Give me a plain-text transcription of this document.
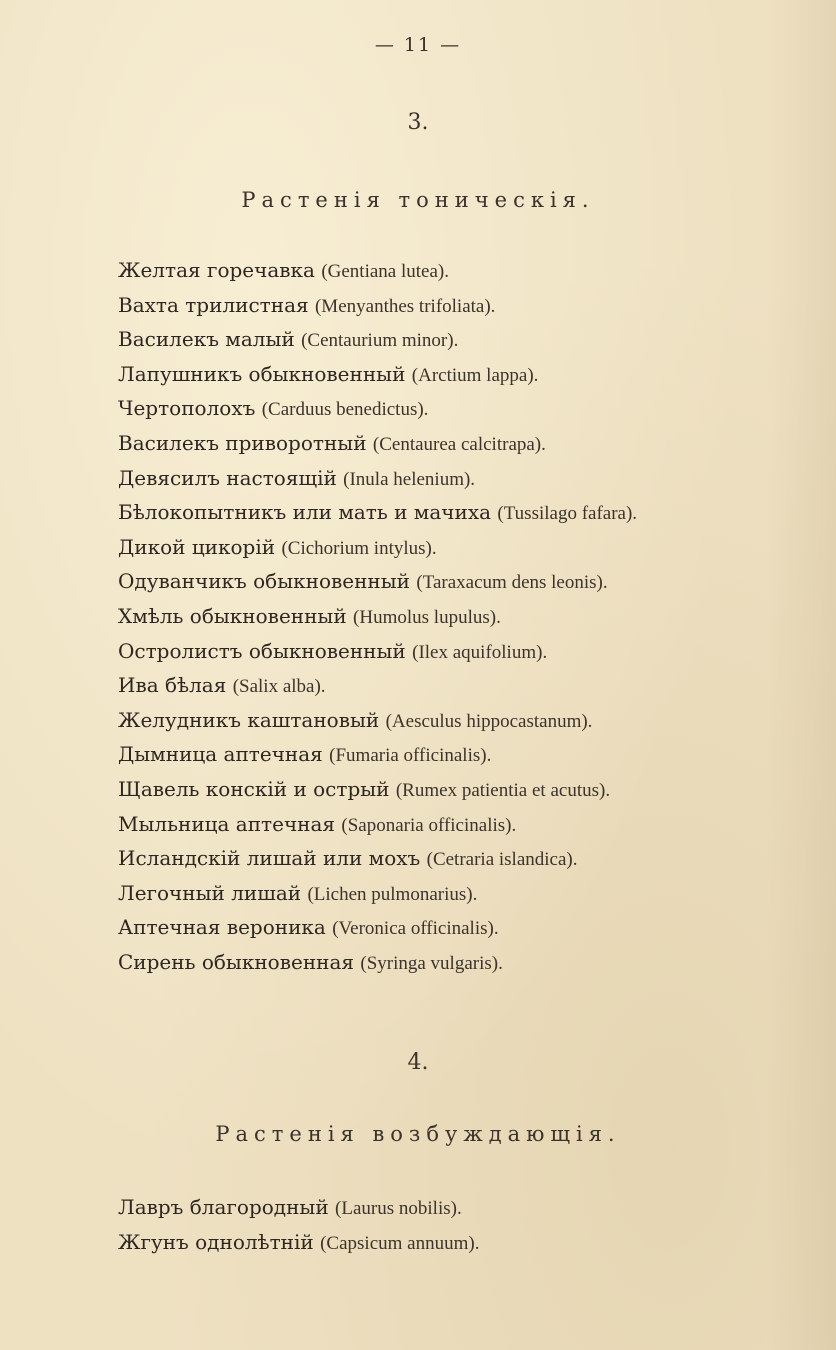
— 11 —
3.
Растенія тоническія.
Желтая горечавка (Gentiana lutea).
Вахта трилистная (Menyanthes trifoliata).
Василекъ малый (Centaurium minor).
Лапушникъ обыкновенный (Arctium lappa).
Чертополохъ (Carduus benedictus).
Василекъ приворотный (Centaurea calcitrapa).
Девясилъ настоящій (Inula helenium).
Бѣлокопытникъ или мать и мачиха (Tussilago fafara).
Дикой цикорій (Cichorium intylus).
Одуванчикъ обыкновенный (Taraxacum dens leonis).
Хмѣль обыкновенный (Humolus lupulus).
Остролистъ обыкновенный (Ilex aquifolium).
Ива бѣлая (Salix alba).
Желудникъ каштановый (Aesculus hippocastanum).
Дымница аптечная (Fumaria officinalis).
Щавель конскій и острый (Rumex patientia et acutus).
Мыльница аптечная (Saponaria officinalis).
Исландскій лишай или мохъ (Cetraria islandica).
Легочный лишай (Lichen pulmonarius).
Аптечная вероника (Veronica officinalis).
Сирень обыкновенная (Syringa vulgaris).
4.
Растенія возбуждающія.
Лавръ благородный (Laurus nobilis).
Жгунъ однолѣтній (Capsicum annuum).
